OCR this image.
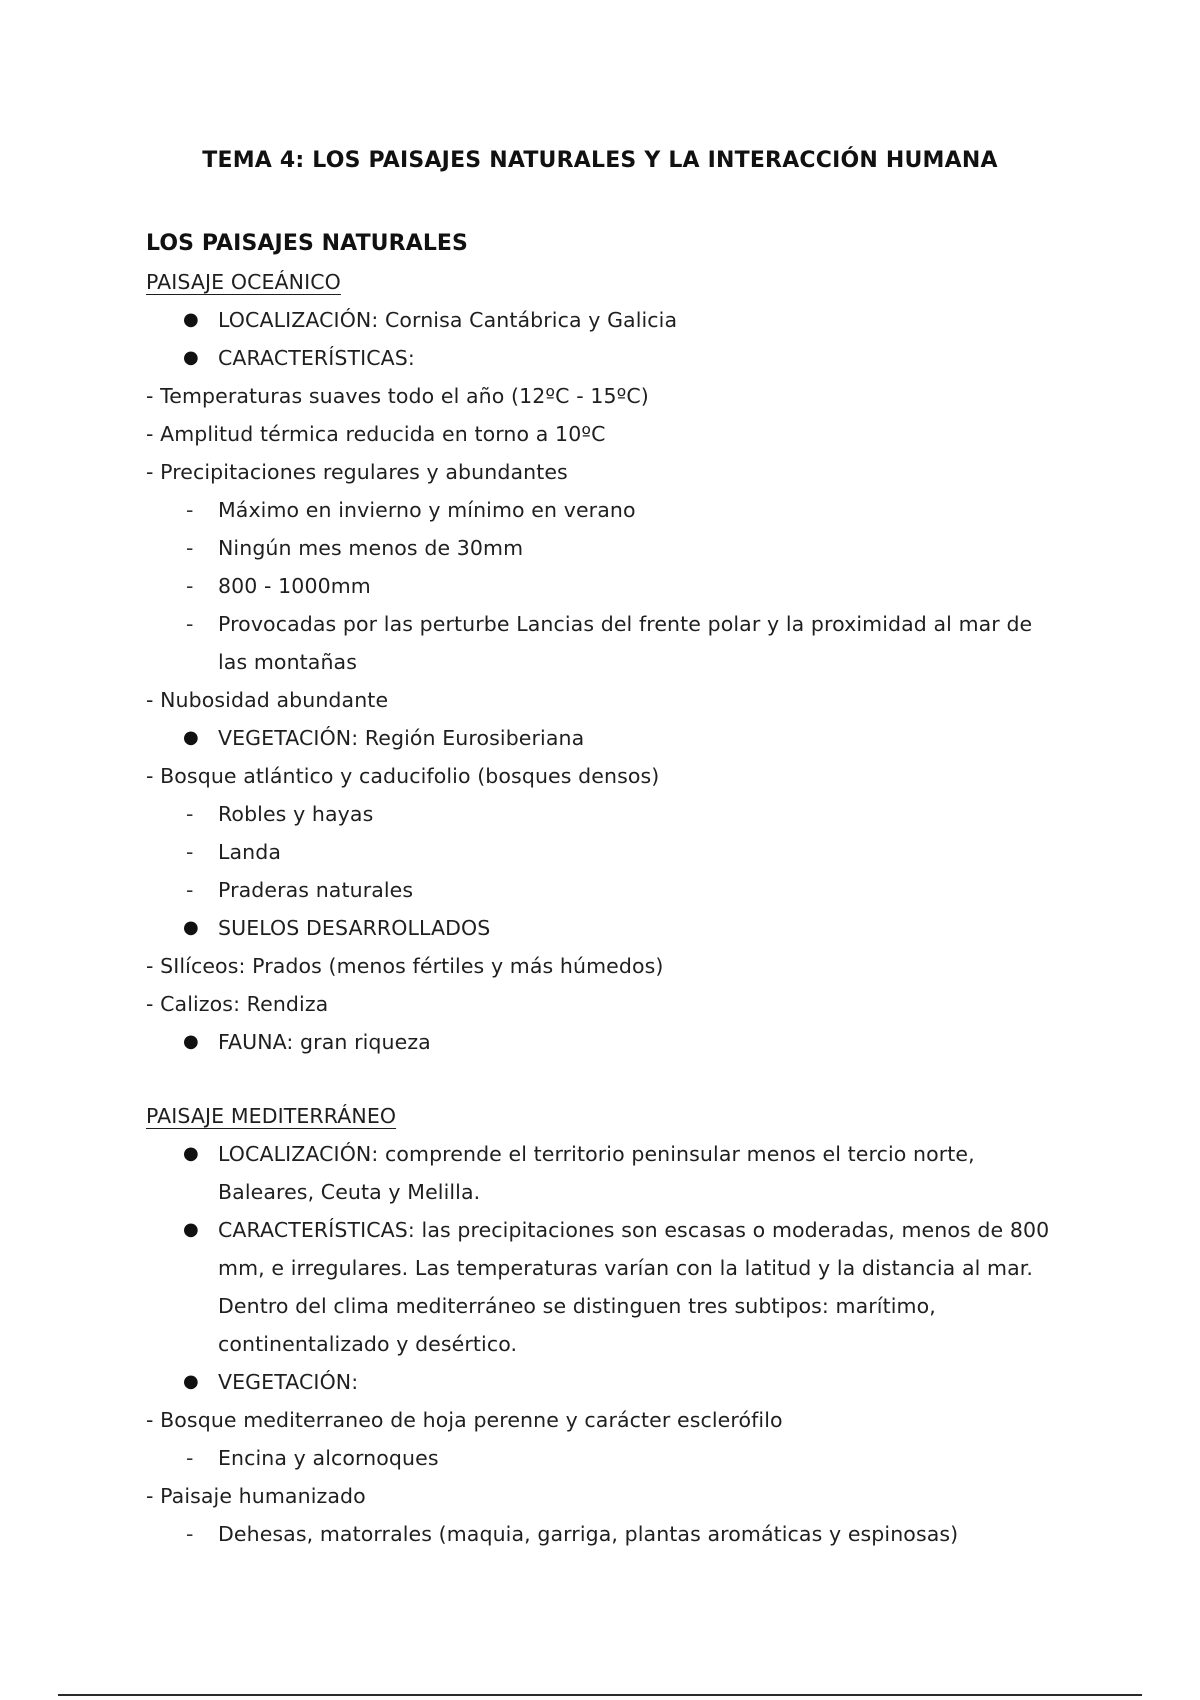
TEMA 4: LOS PAISAJES NATURALES Y LA INTERACCIÓN HUMANA
LOS PAISAJES NATURALES
PAISAJE OCEÁNICO
● LOCALIZACIÓN: Cornisa Cantábrica y Galicia
● CARACTERÍSTICAS:
- Temperaturas suaves todo el año (12ºC - 15ºC)
- Amplitud térmica reducida en torno a 10ºC
- Precipitaciones regulares y abundantes
- Máximo en invierno y mínimo en verano
- Ningún mes menos de 30mm
- 800 - 1000mm
- Provocadas por las perturbe Lancias del frente polar y la proximidad al mar de las montañas
- Nubosidad abundante
● VEGETACIÓN: Región Eurosiberiana
- Bosque atlántico y caducifolio (bosques densos)
- Robles y hayas
- Landa
- Praderas naturales
● SUELOS DESARROLLADOS
- SIlíceos: Prados (menos fértiles y más húmedos)
- Calizos: Rendiza
● FAUNA: gran riqueza
PAISAJE MEDITERRÁNEO
● LOCALIZACIÓN: comprende el territorio peninsular menos el tercio norte, Baleares, Ceuta y Melilla.
● CARACTERÍSTICAS: las precipitaciones son escasas o moderadas, menos de 800 mm, e irregulares. Las temperaturas varían con la latitud y la distancia al mar. Dentro del clima mediterráneo se distinguen tres subtipos: marítimo, continentalizado y desértico.
● VEGETACIÓN:
- Bosque mediterraneo de hoja perenne y carácter esclerófilo
- Encina y alcornoques
- Paisaje humanizado
- Dehesas, matorrales (maquia, garriga, plantas aromáticas y espinosas)
